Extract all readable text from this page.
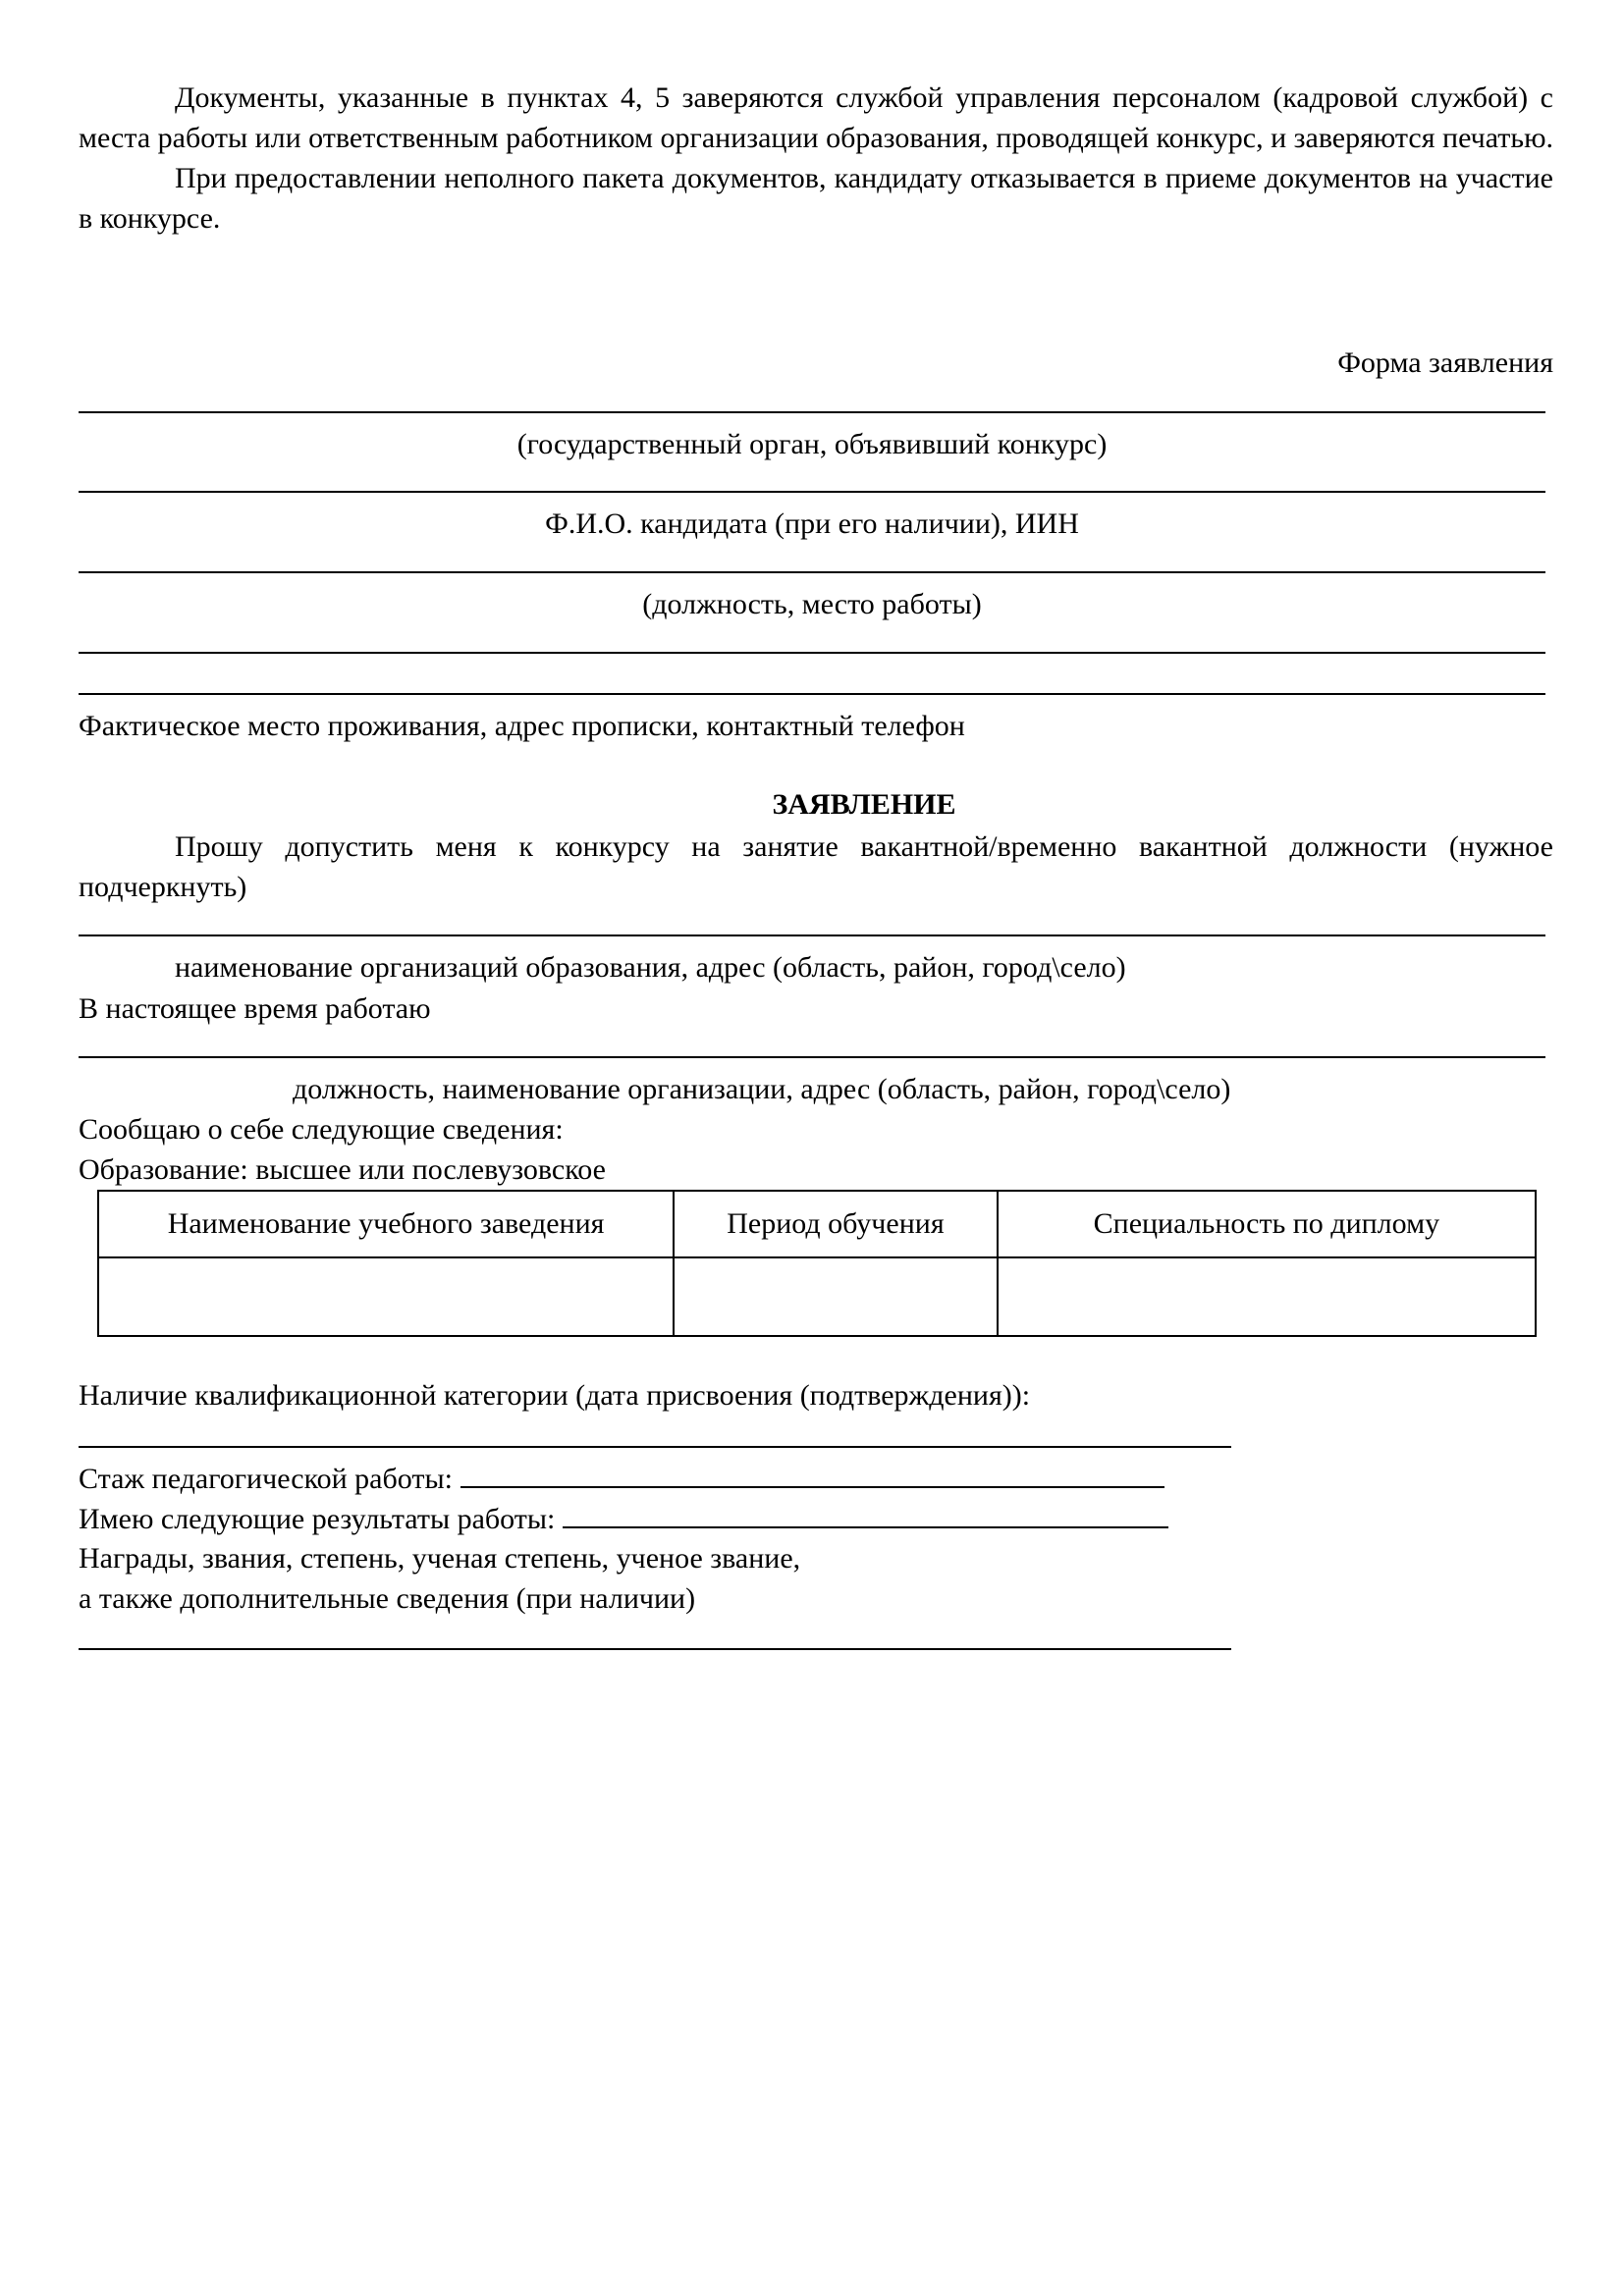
Документы, указанные в пунктах 4, 5 заверяются службой управления персоналом (кадровой службой) с места работы или ответственным работником организации образования, проводящей конкурс, и заверяются печатью.

При предоставлении неполного пакета документов, кандидату отказывается в приеме документов на участие в конкурсе.

Форма заявления
(государственный орган, объявивший конкурс)
Ф.И.О. кандидата (при его наличии), ИИН
(должность, место работы)
Фактическое место проживания, адрес прописки, контактный телефон
ЗАЯВЛЕНИЕ

Прошу допустить меня к конкурсу на занятие вакантной/временно вакантной должности (нужное подчеркнуть)

наименование организаций образования, адрес (область, район, город\село)
В настоящее время работаю
должность, наименование организации, адрес (область, район, город\село)
Сообщаю о себе следующие сведения:
Образование: высшее или послевузовское
Наименование учебного заведения	Период обучения	Специальность по диплому

Наличие квалификационной категории (дата присвоения (подтверждения)):
Стаж педагогической работы:
Имею следующие результаты работы:
Награды, звания, степень, ученая степень, ученое звание,
а также дополнительные сведения (при наличии)
